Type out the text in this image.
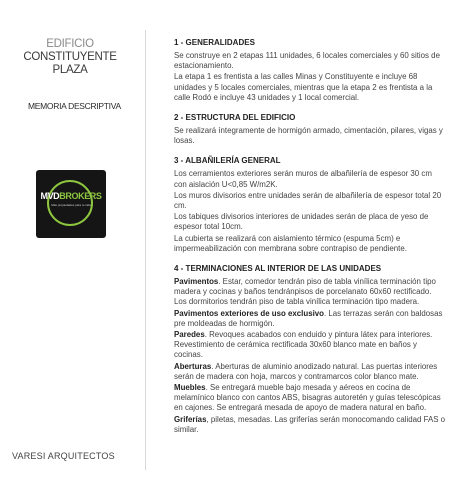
EDIFICIO
CONSTITUYENTE
PLAZA
MEMORIA DESCRIPTIVA
MVDBROKERS
Más propiedades para tu vida
VARESI ARQUITECTOS
1 - GENERALIDADES

Se construye en 2 etapas 111 unidades, 6 locales comerciales y 60 sitios de estacionamiento.

La etapa 1 es frentista a las calles Minas y Constituyente e incluye 68 unidades y 5 locales comerciales, mientras que la etapa 2 es frentista a la calle Rodó e incluye 43 unidades y 1 local comercial.

2 - ESTRUCTURA DEL EDIFICIO

Se realizará íntegramente de hormigón armado, cimentación, pilares, vigas y losas.

3 - ALBAÑILERÍA GENERAL

Los cerramientos exteriores serán muros de albañilería de espesor 30 cm con aislación U<0,85 W/m2K.

Los muros divisorios entre unidades serán de albañilería de espesor total 20 cm.

Los tabiques divisorios interiores de unidades serán de placa de yeso de espesor total 10cm.

La cubierta se realizará con aislamiento térmico (espuma 5cm) e impermeabilización con membrana sobre contrapiso de pendiente.

4 - TERMINACIONES AL INTERIOR DE LAS UNIDADES

Pavimentos. Estar, comedor tendrán piso de tabla vinílica terminación tipo madera y cocinas y baños tendránpisos de porcelanato 60x60 rectificado. Los dormitorios tendrán piso de tabla vinílica terminación tipo madera.

Pavimentos exteriores de uso exclusivo. Las terrazas serán con baldosas pre moldeadas de hormigón.

Paredes. Revoques acabados con enduido y pintura látex para interiores. Revestimiento de cerámica rectificada 30x60 blanco mate en baños y cocinas.

Aberturas. Aberturas de aluminio anodizado natural. Las puertas interiores serán de madera con hoja, marcos y contramarcos color blanco mate.

Muebles. Se entregará mueble bajo mesada y aéreos en cocina de melamínico blanco con cantos ABS, bisagras autoretén y guías telescópicas en cajones. Se entregará mesada de apoyo de madera natural en baño.

Griferías, piletas, mesadas. Las griferías serán monocomando calidad FAS o similar.
